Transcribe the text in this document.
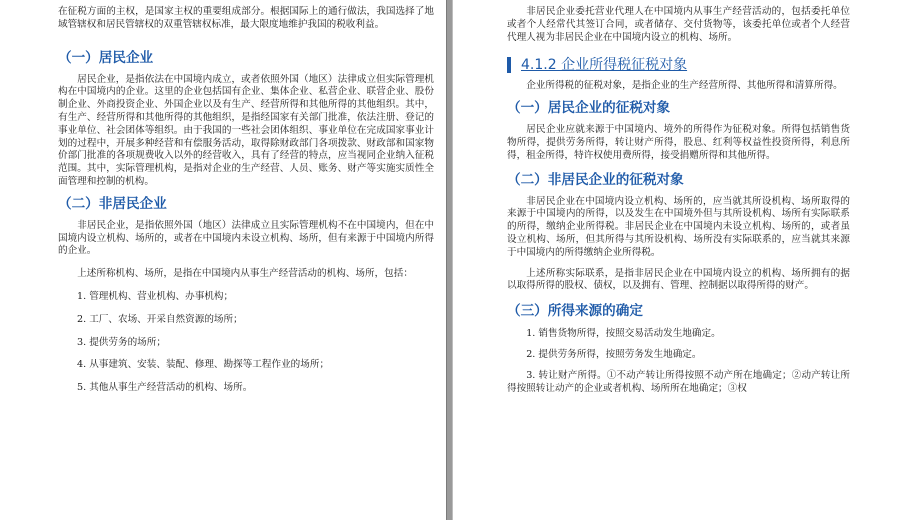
在征税方面的主权，是国家主权的重要组成部分。根据国际上的通行做法，我国选择了地域管辖权和居民管辖权的双重管辖权标准，最大限度地维护我国的税收利益。

（一）居民企业

居民企业，是指依法在中国境内成立，或者依照外国（地区）法律成立但实际管理机构在中国境内的企业。这里的企业包括国有企业、集体企业、私营企业、联营企业、股份制企业、外商投资企业、外国企业以及有生产、经营所得和其他所得的其他组织。其中，有生产、经营所得和其他所得的其他组织，是指经国家有关部门批准，依法注册、登记的事业单位、社会团体等组织。由于我国的一些社会团体组织、事业单位在完成国家事业计划的过程中，开展多种经营和有偿服务活动，取得除财政部门各项拨款、财政部和国家物价部门批准的各项规费收入以外的经营收入，具有了经营的特点，应当视同企业纳入征税范围。其中，实际管理机构，是指对企业的生产经营、人员、账务、财产等实施实质性全面管理和控制的机构。

（二）非居民企业

非居民企业，是指依照外国（地区）法律成立且实际管理机构不在中国境内，但在中国境内设立机构、场所的，或者在中国境内未设立机构、场所，但有来源于中国境内所得的企业。

上述所称机构、场所，是指在中国境内从事生产经营活动的机构、场所，包括：

1. 管理机构、营业机构、办事机构；
2. 工厂、农场、开采自然资源的场所；
3. 提供劳务的场所；
4. 从事建筑、安装、装配、修理、勘探等工程作业的场所；
5. 其他从事生产经营活动的机构、场所。

非居民企业委托营业代理人在中国境内从事生产经营活动的，包括委托单位或者个人经常代其签订合同，或者储存、交付货物等，该委托单位或者个人经营代理人视为非居民企业在中国境内设立的机构、场所。

4.1.2 企业所得税征税对象

企业所得税的征税对象，是指企业的生产经营所得、其他所得和清算所得。

（一）居民企业的征税对象

居民企业应就来源于中国境内、境外的所得作为征税对象。所得包括销售货物所得，提供劳务所得，转让财产所得，股息、红利等权益性投资所得，利息所得，租金所得，特许权使用费所得，接受捐赠所得和其他所得。

（二）非居民企业的征税对象

非居民企业在中国境内设立机构、场所的，应当就其所设机构、场所取得的来源于中国境内的所得，以及发生在中国境外但与其所设机构、场所有实际联系的所得，缴纳企业所得税。非居民企业在中国境内未设立机构、场所的，或者虽设立机构、场所，但其所得与其所设机构、场所没有实际联系的，应当就其来源于中国境内的所得缴纳企业所得税。

上述所称实际联系，是指非居民企业在中国境内设立的机构、场所拥有的据以取得所得的股权、债权，以及拥有、管理、控制据以取得所得的财产。

（三）所得来源的确定

1. 销售货物所得，按照交易活动发生地确定。

2. 提供劳务所得，按照劳务发生地确定。

3. 转让财产所得。①不动产转让所得按照不动产所在地确定；②动产转让所得按照转让动产的企业或者机构、场所所在地确定；③权
